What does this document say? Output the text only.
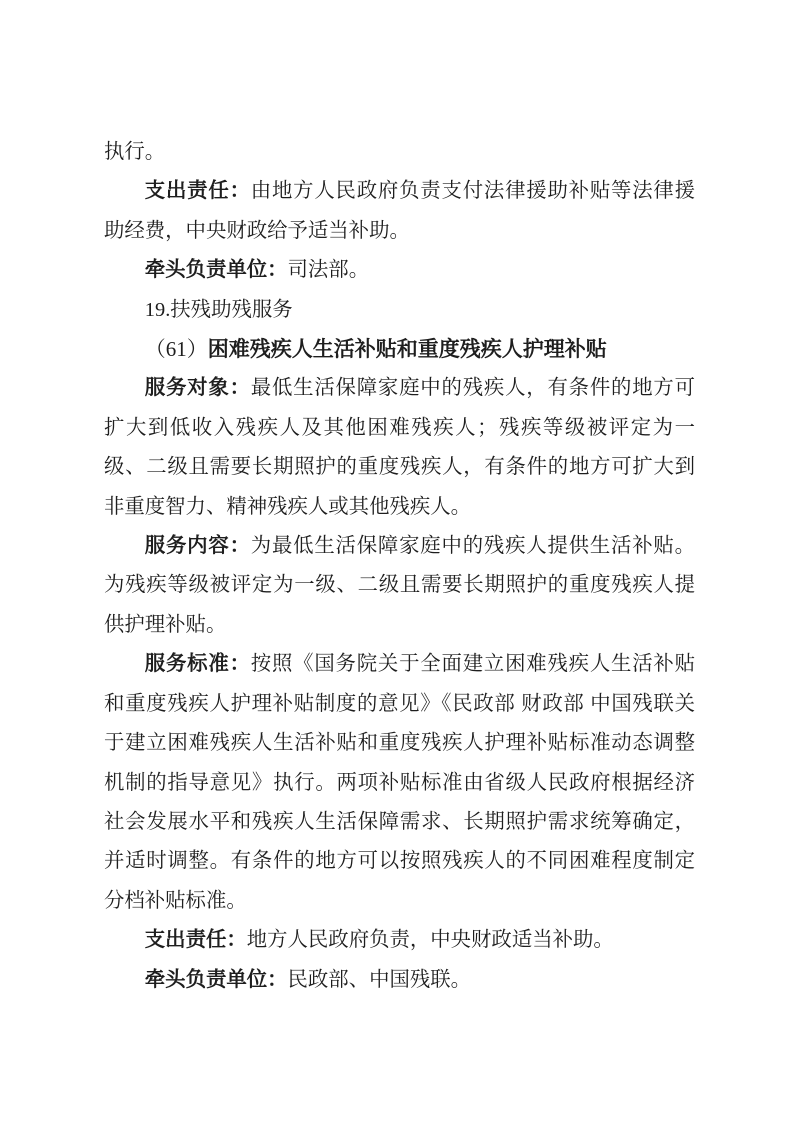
执行。

支出责任：由地方人民政府负责支付法律援助补贴等法律援助经费，中央财政给予适当补助。

牵头负责单位：司法部。

19.扶残助残服务

（61）困难残疾人生活补贴和重度残疾人护理补贴

服务对象：最低生活保障家庭中的残疾人，有条件的地方可扩大到低收入残疾人及其他困难残疾人；残疾等级被评定为一级、二级且需要长期照护的重度残疾人，有条件的地方可扩大到非重度智力、精神残疾人或其他残疾人。

服务内容：为最低生活保障家庭中的残疾人提供生活补贴。为残疾等级被评定为一级、二级且需要长期照护的重度残疾人提供护理补贴。

服务标准：按照《国务院关于全面建立困难残疾人生活补贴和重度残疾人护理补贴制度的意见》《民政部 财政部 中国残联关于建立困难残疾人生活补贴和重度残疾人护理补贴标准动态调整机制的指导意见》执行。两项补贴标准由省级人民政府根据经济社会发展水平和残疾人生活保障需求、长期照护需求统筹确定，并适时调整。有条件的地方可以按照残疾人的不同困难程度制定分档补贴标准。

支出责任：地方人民政府负责，中央财政适当补助。

牵头负责单位：民政部、中国残联。
